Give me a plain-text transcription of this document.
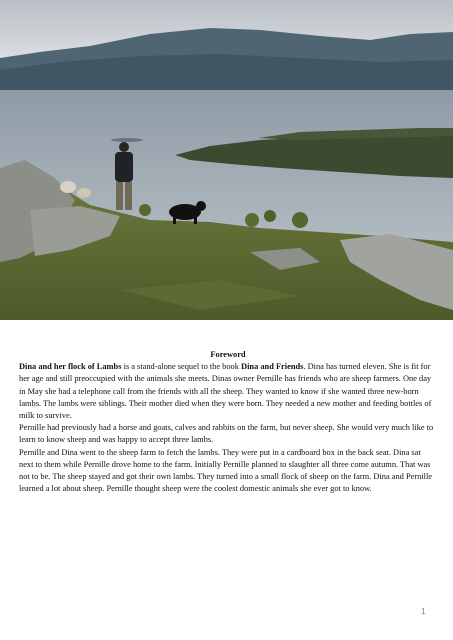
Foreword

Dina and her flock of Lambs is a stand-alone sequel to the book Dina and Friends. Dina has turned eleven. She is fit for her age and still preoccupied with the animals she meets. Dinas owner Pernille has friends who are sheep farmers. One day in May she had a telephone call from the friends with all the sheep. They wanted to know if she wanted three new-born lambs. The lambs were siblings. Their mother died when they were born. They needed a new mother and feeding bottles of milk to survive.

Pernille had previously had a horse and goats, calves and rabbits on the farm, but never sheep. She would very much like to learn to know sheep and was happy to accept three lambs.

Pernille and Dina went to the sheep farm to fetch the lambs. They were put in a cardboard box in the back seat. Dina sat next to them while Pernille drove home to the farm. Initially Pernille planned to slaughter all three come autumn. That was not to be. The sheep stayed and got their own lambs. They turned into a small flock of sheep on the farm. Dina and Pernille learned a lot about sheep. Pernille thought sheep were the coolest domestic animals she ever got to know.

1
